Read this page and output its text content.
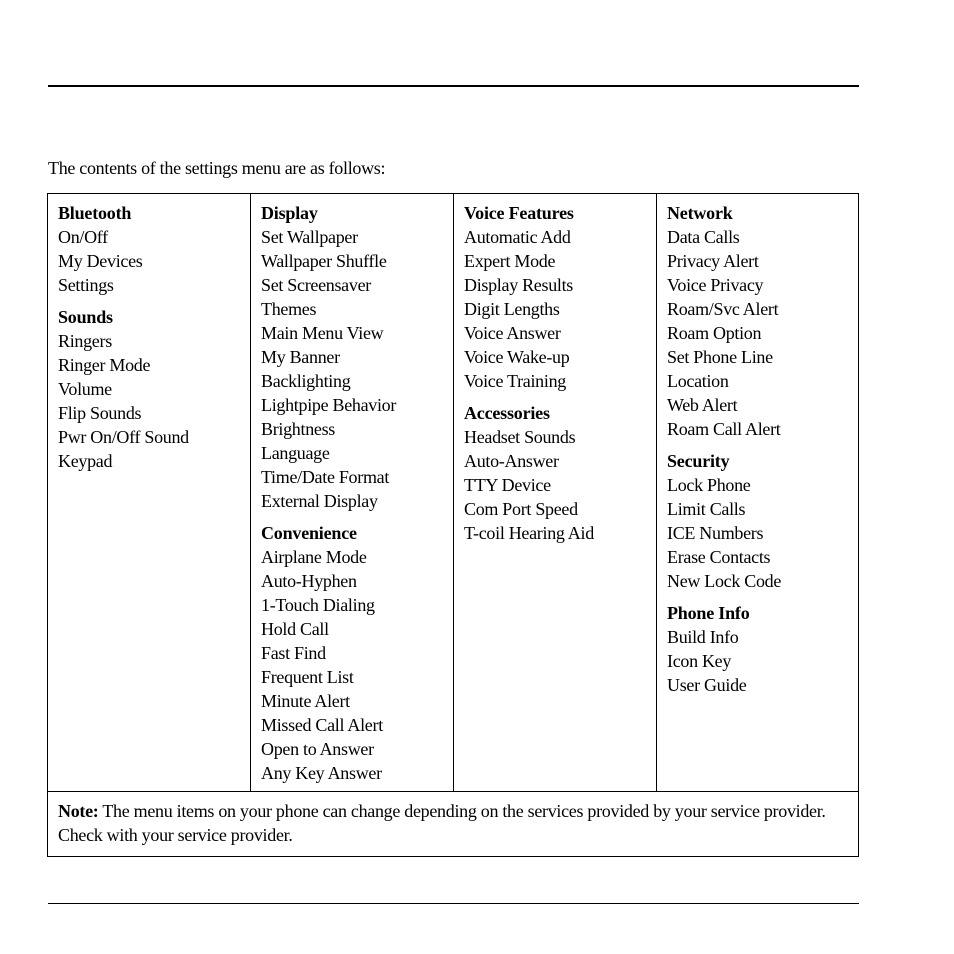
The contents of the settings menu are as follows:
Bluetooth
On/Off
My Devices
Settings
Sounds
Ringers
Ringer Mode
Volume
Flip Sounds
Pwr On/Off Sound
Keypad
Display
Set Wallpaper
Wallpaper Shuffle
Set Screensaver
Themes
Main Menu View
My Banner
Backlighting
Lightpipe Behavior
Brightness
Language
Time/Date Format
External Display
Convenience
Airplane Mode
Auto-Hyphen
1-Touch Dialing
Hold Call
Fast Find
Frequent List
Minute Alert
Missed Call Alert
Open to Answer
Any Key Answer
Voice Features
Automatic Add
Expert Mode
Display Results
Digit Lengths
Voice Answer
Voice Wake-up
Voice Training
Accessories
Headset Sounds
Auto-Answer
TTY Device
Com Port Speed
T-coil Hearing Aid
Network
Data Calls
Privacy Alert
Voice Privacy
Roam/Svc Alert
Roam Option
Set Phone Line
Location
Web Alert
Roam Call Alert
Security
Lock Phone
Limit Calls
ICE Numbers
Erase Contacts
New Lock Code
Phone Info
Build Info
Icon Key
User Guide
Note: The menu items on your phone can change depending on the services provided by your service provider. Check with your service provider.
